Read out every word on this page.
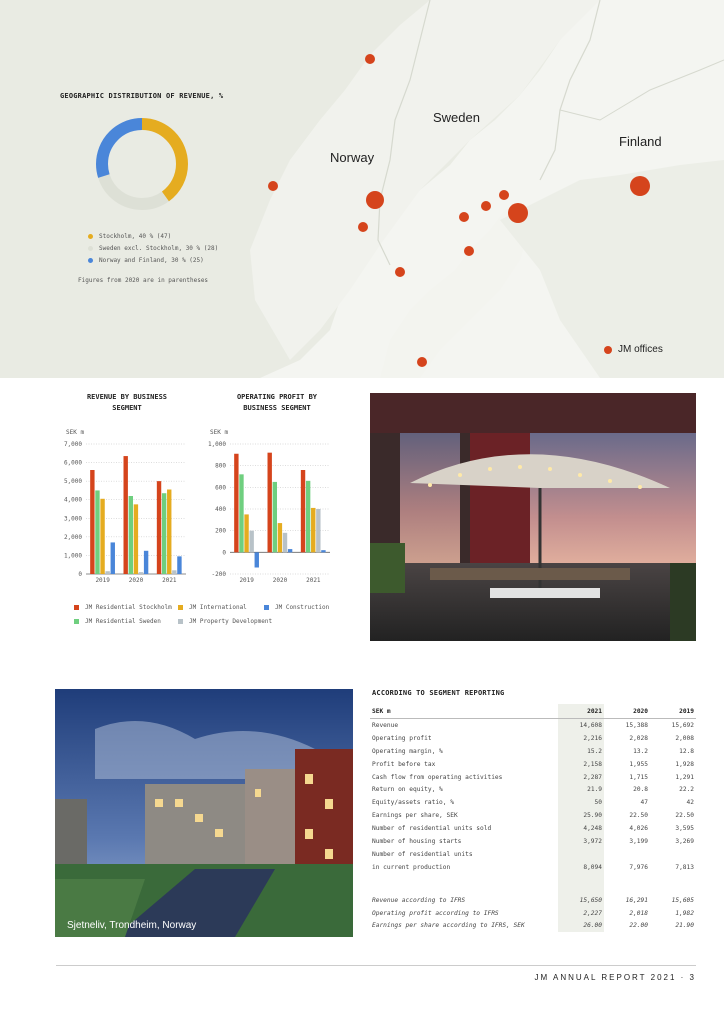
Sweden
Norway
Finland
JM offices
GEOGRAPHIC DISTRIBUTION OF REVENUE, %
Stockholm, 40 % (47)
Sweden excl. Stockholm, 30 % (28)
Norway and Finland, 30 % (25)
Figures from 2020 are in parentheses
REVENUE BY BUSINESS SEGMENT
OPERATING PROFIT BY BUSINESS SEGMENT
SEK m
0
1,000
2,000
3,000
4,000
5,000
6,000
7,000
2019	2020	2021
SEK m
-200
0
200
400
600
800
1,000
2019	2020	2021
JM Residential Stockholm	JM International	JM Construction
JM Residential Sweden	JM Property Development
Sjetneliv, Trondheim, Norway
ACCORDING TO SEGMENT REPORTING
SEK m	2021	2020	2019
Revenue	14,608	15,388	15,692
Operating profit	2,216	2,028	2,008
Operating margin, %	15.2	13.2	12.8
Profit before tax	2,158	1,955	1,928
Cash flow from operating activities	2,287	1,715	1,291
Return on equity, %	21.9	20.8	22.2
Equity/assets ratio, %	50	47	42
Earnings per share, SEK	25.90	22.50	22.50
Number of residential units sold	4,248	4,026	3,595
Number of housing starts	3,972	3,199	3,269
Number of residential units			
in current production	8,094	7,976	7,813

Revenue according to IFRS	15,650	16,291	15,605
Operating profit according to IFRS	2,227	2,018	1,982
Earnings per share according to IFRS, SEK	26.00	22.00	21.90
JM ANNUAL REPORT 2021 · 3
